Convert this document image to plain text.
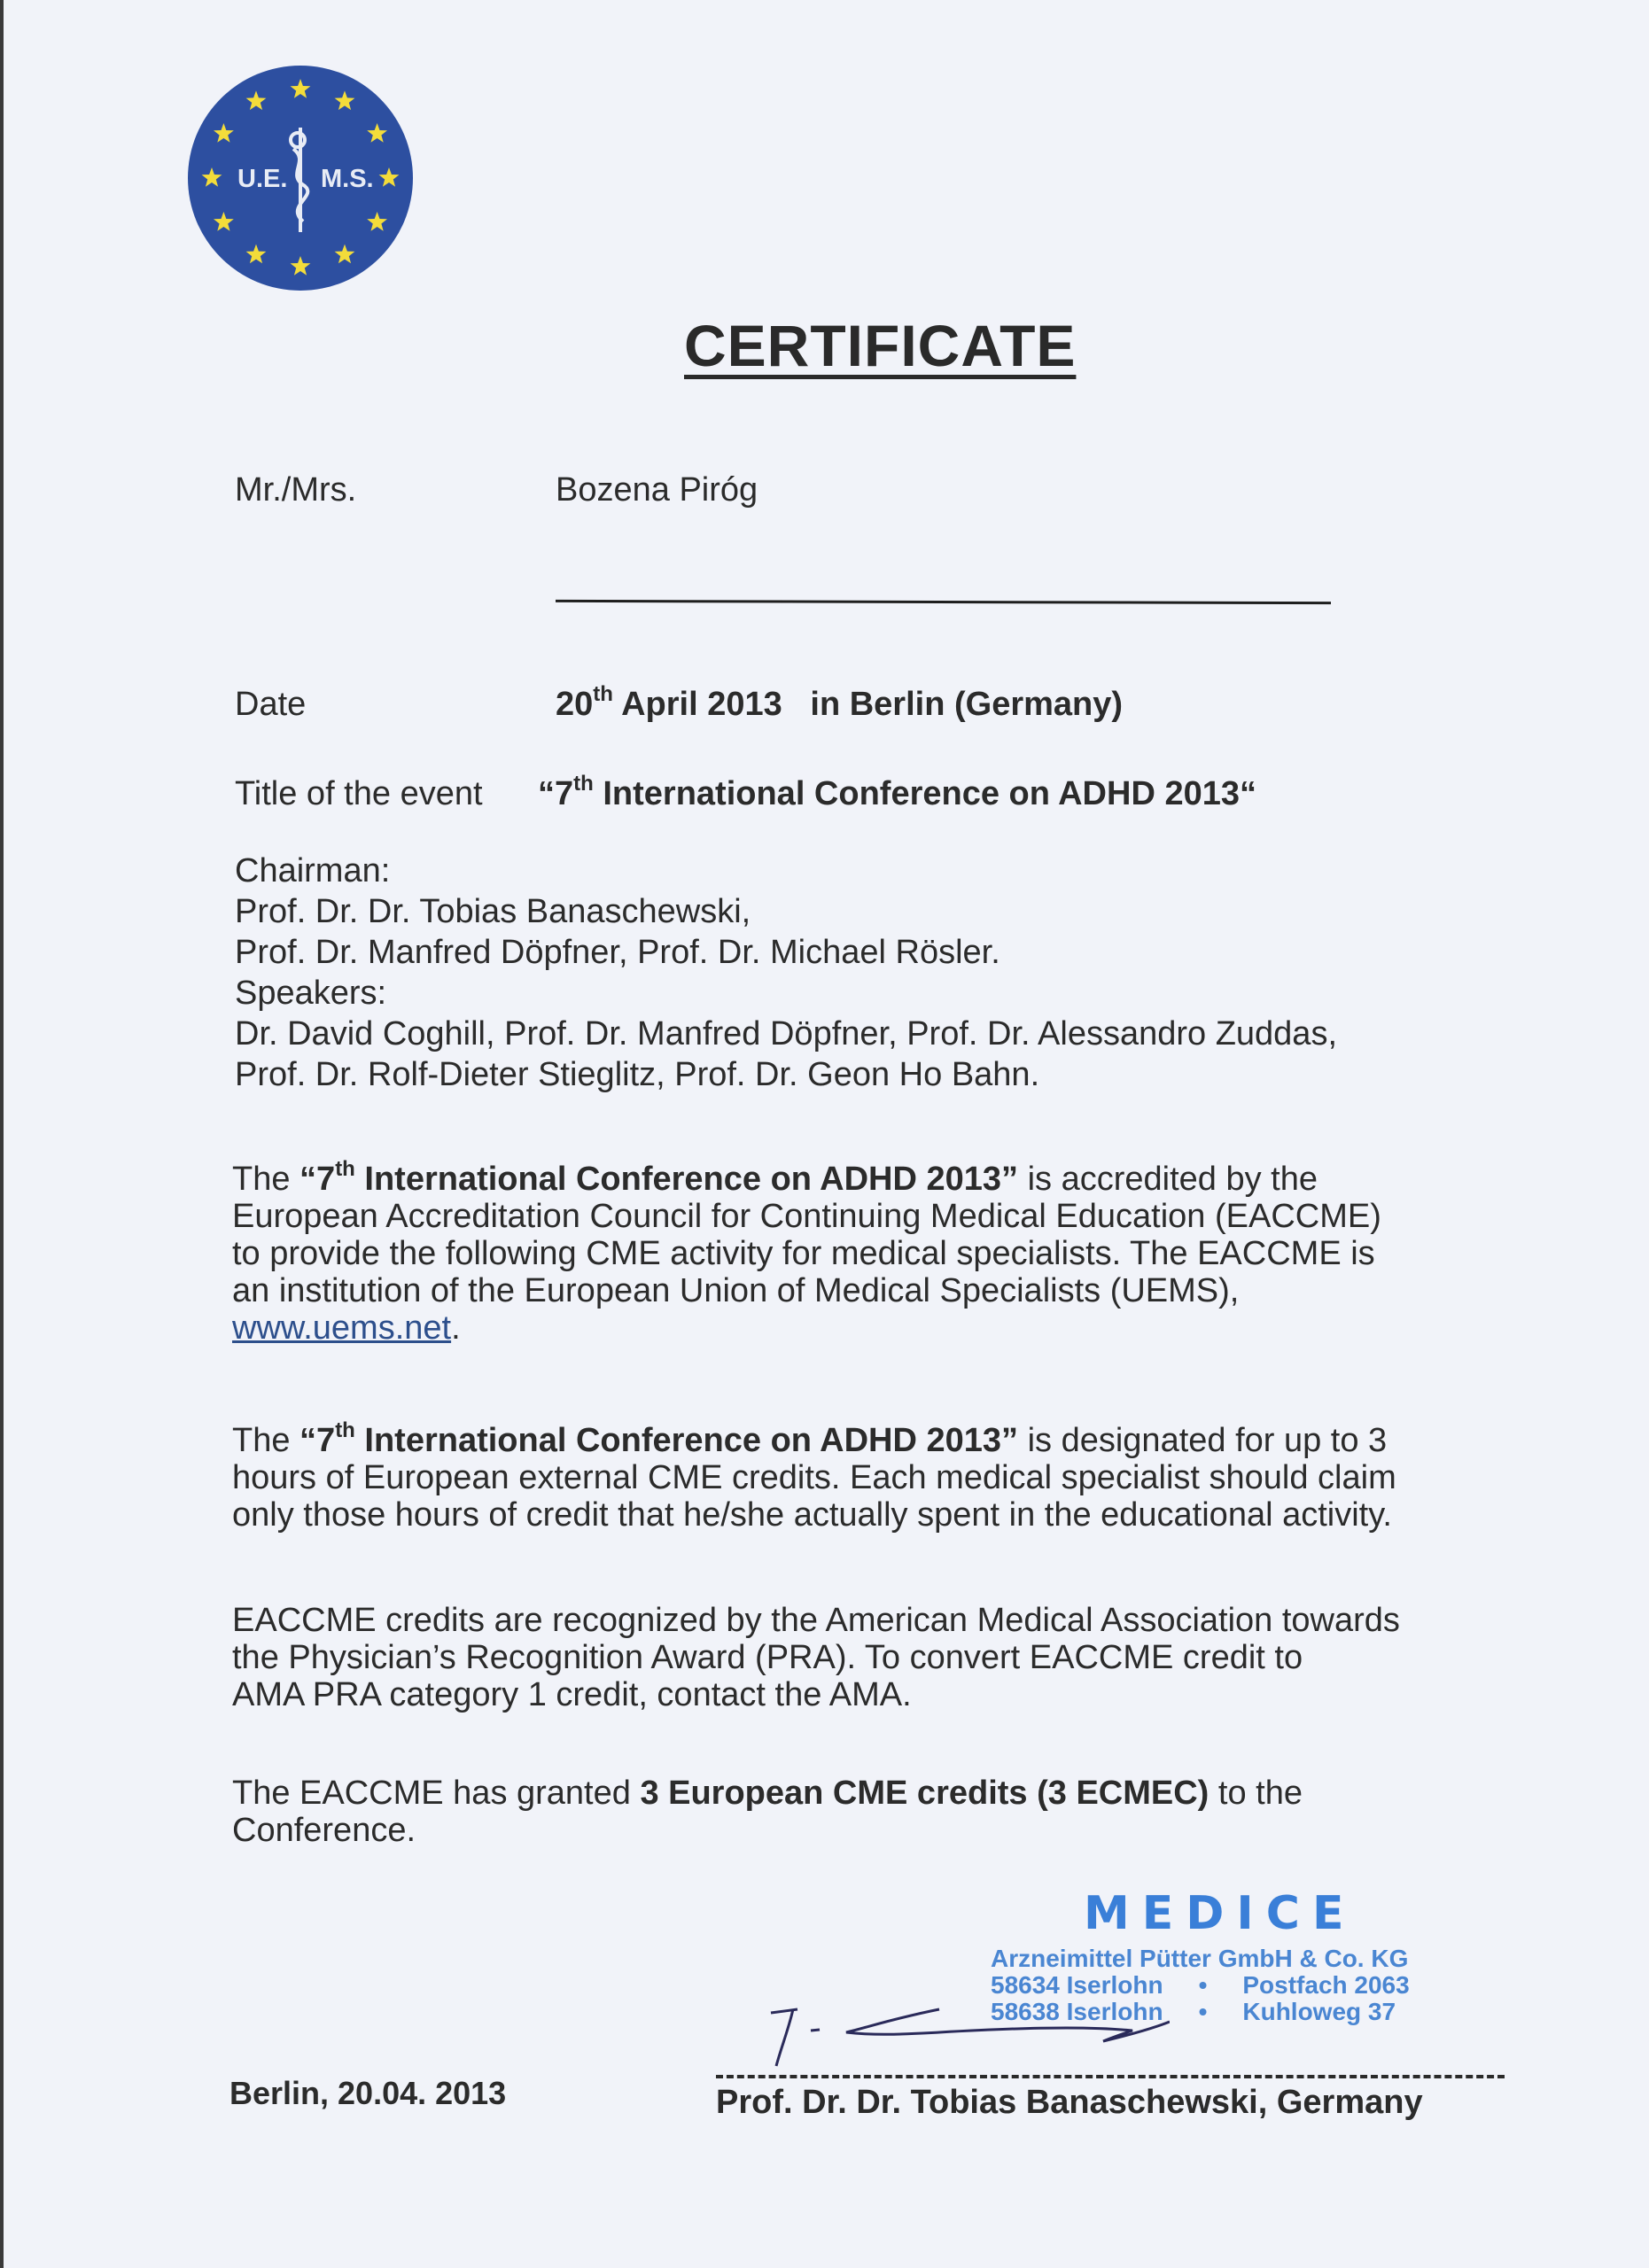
U.E. M.S.
CERTIFICATE
Mr./Mrs.	Bozena Piróg
Date	20th April 2013   in Berlin (Germany)
Title of the event “7th International Conference on ADHD 2013“
Chairman:
Prof. Dr. Dr. Tobias Banaschewski,
Prof. Dr. Manfred Döpfner, Prof. Dr. Michael Rösler.
Speakers:
Dr. David Coghill, Prof. Dr. Manfred Döpfner, Prof. Dr. Alessandro Zuddas,
Prof. Dr. Rolf-Dieter Stieglitz, Prof. Dr. Geon Ho Bahn.
The “7th International Conference on ADHD 2013” is accredited by the
European Accreditation Council for Continuing Medical Education (EACCME)
to provide the following CME activity for medical specialists. The EACCME is
an institution of the European Union of Medical Specialists (UEMS),
www.uems.net.
The “7th International Conference on ADHD 2013” is designated for up to 3
hours of European external CME credits. Each medical specialist should claim
only those hours of credit that he/she actually spent in the educational activity.
EACCME credits are recognized by the American Medical Association towards
the Physician’s Recognition Award (PRA). To convert EACCME credit to
AMA PRA category 1 credit, contact the AMA.
The EACCME has granted 3 European CME credits (3 ECMEC) to the
Conference.
MEDICE
Arzneimittel Pütter GmbH & Co. KG
58634 Iserlohn • Postfach 2063
58638 Iserlohn • Kuhloweg 37
Berlin, 20.04. 2013	Prof. Dr. Dr. Tobias Banaschewski, Germany
